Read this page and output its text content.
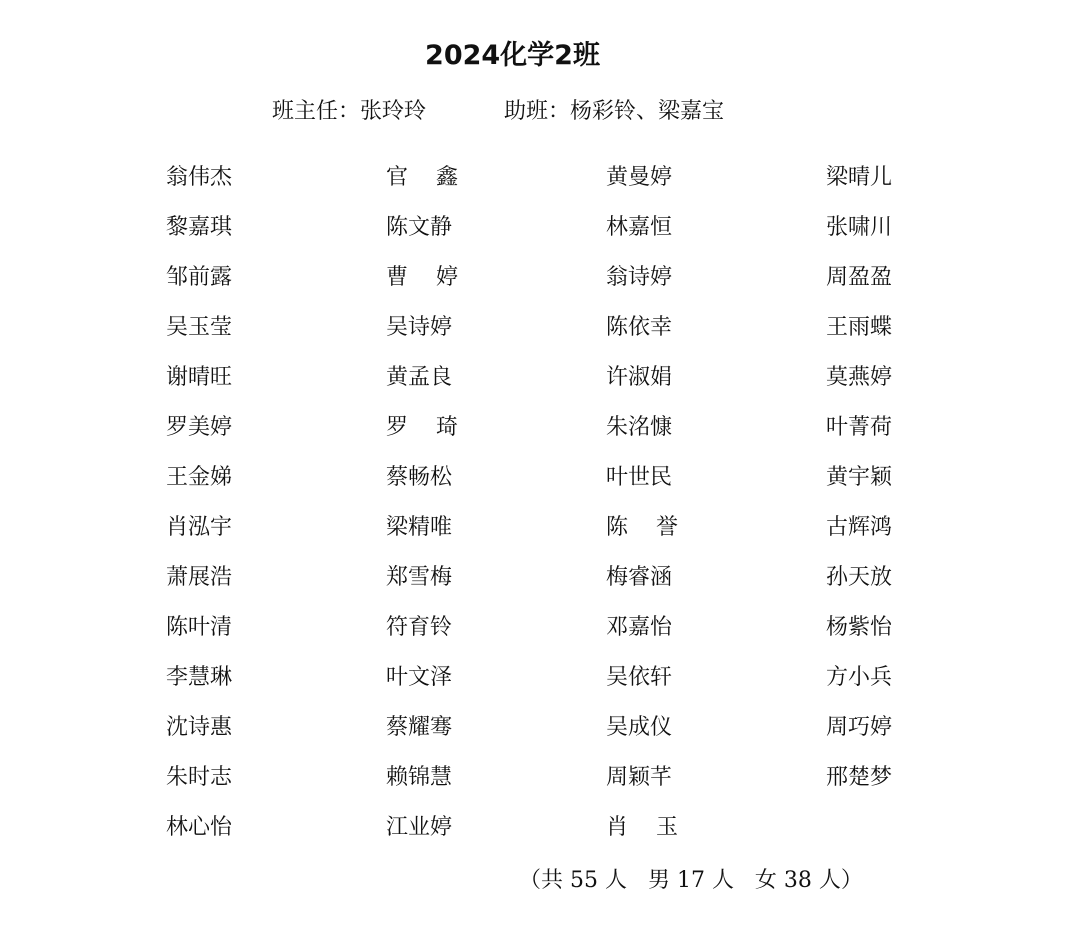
2024化学2班
班主任：张玲玲	助班：杨彩铃、梁嘉宝
翁伟杰	官 鑫	黄曼婷	梁晴儿
黎嘉琪	陈文静	林嘉恒	张啸川
邹前露	曹 婷	翁诗婷	周盈盈
吴玉莹	吴诗婷	陈依幸	王雨蝶
谢晴旺	黄孟良	许淑娟	莫燕婷
罗美婷	罗 琦	朱洺慷	叶菁荷
王金娣	蔡畅松	叶世民	黄宇颖
肖泓宇	梁精唯	陈 誉	古辉鸿
萧展浩	郑雪梅	梅睿涵	孙天放
陈叶清	符育铃	邓嘉怡	杨紫怡
李慧琳	叶文泽	吴依轩	方小兵
沈诗惠	蔡耀骞	吴成仪	周巧婷
朱时志	赖锦慧	周颖芊	邢楚梦
林心怡	江业婷	肖 玉
（共 55 人   男 17 人   女 38 人）
